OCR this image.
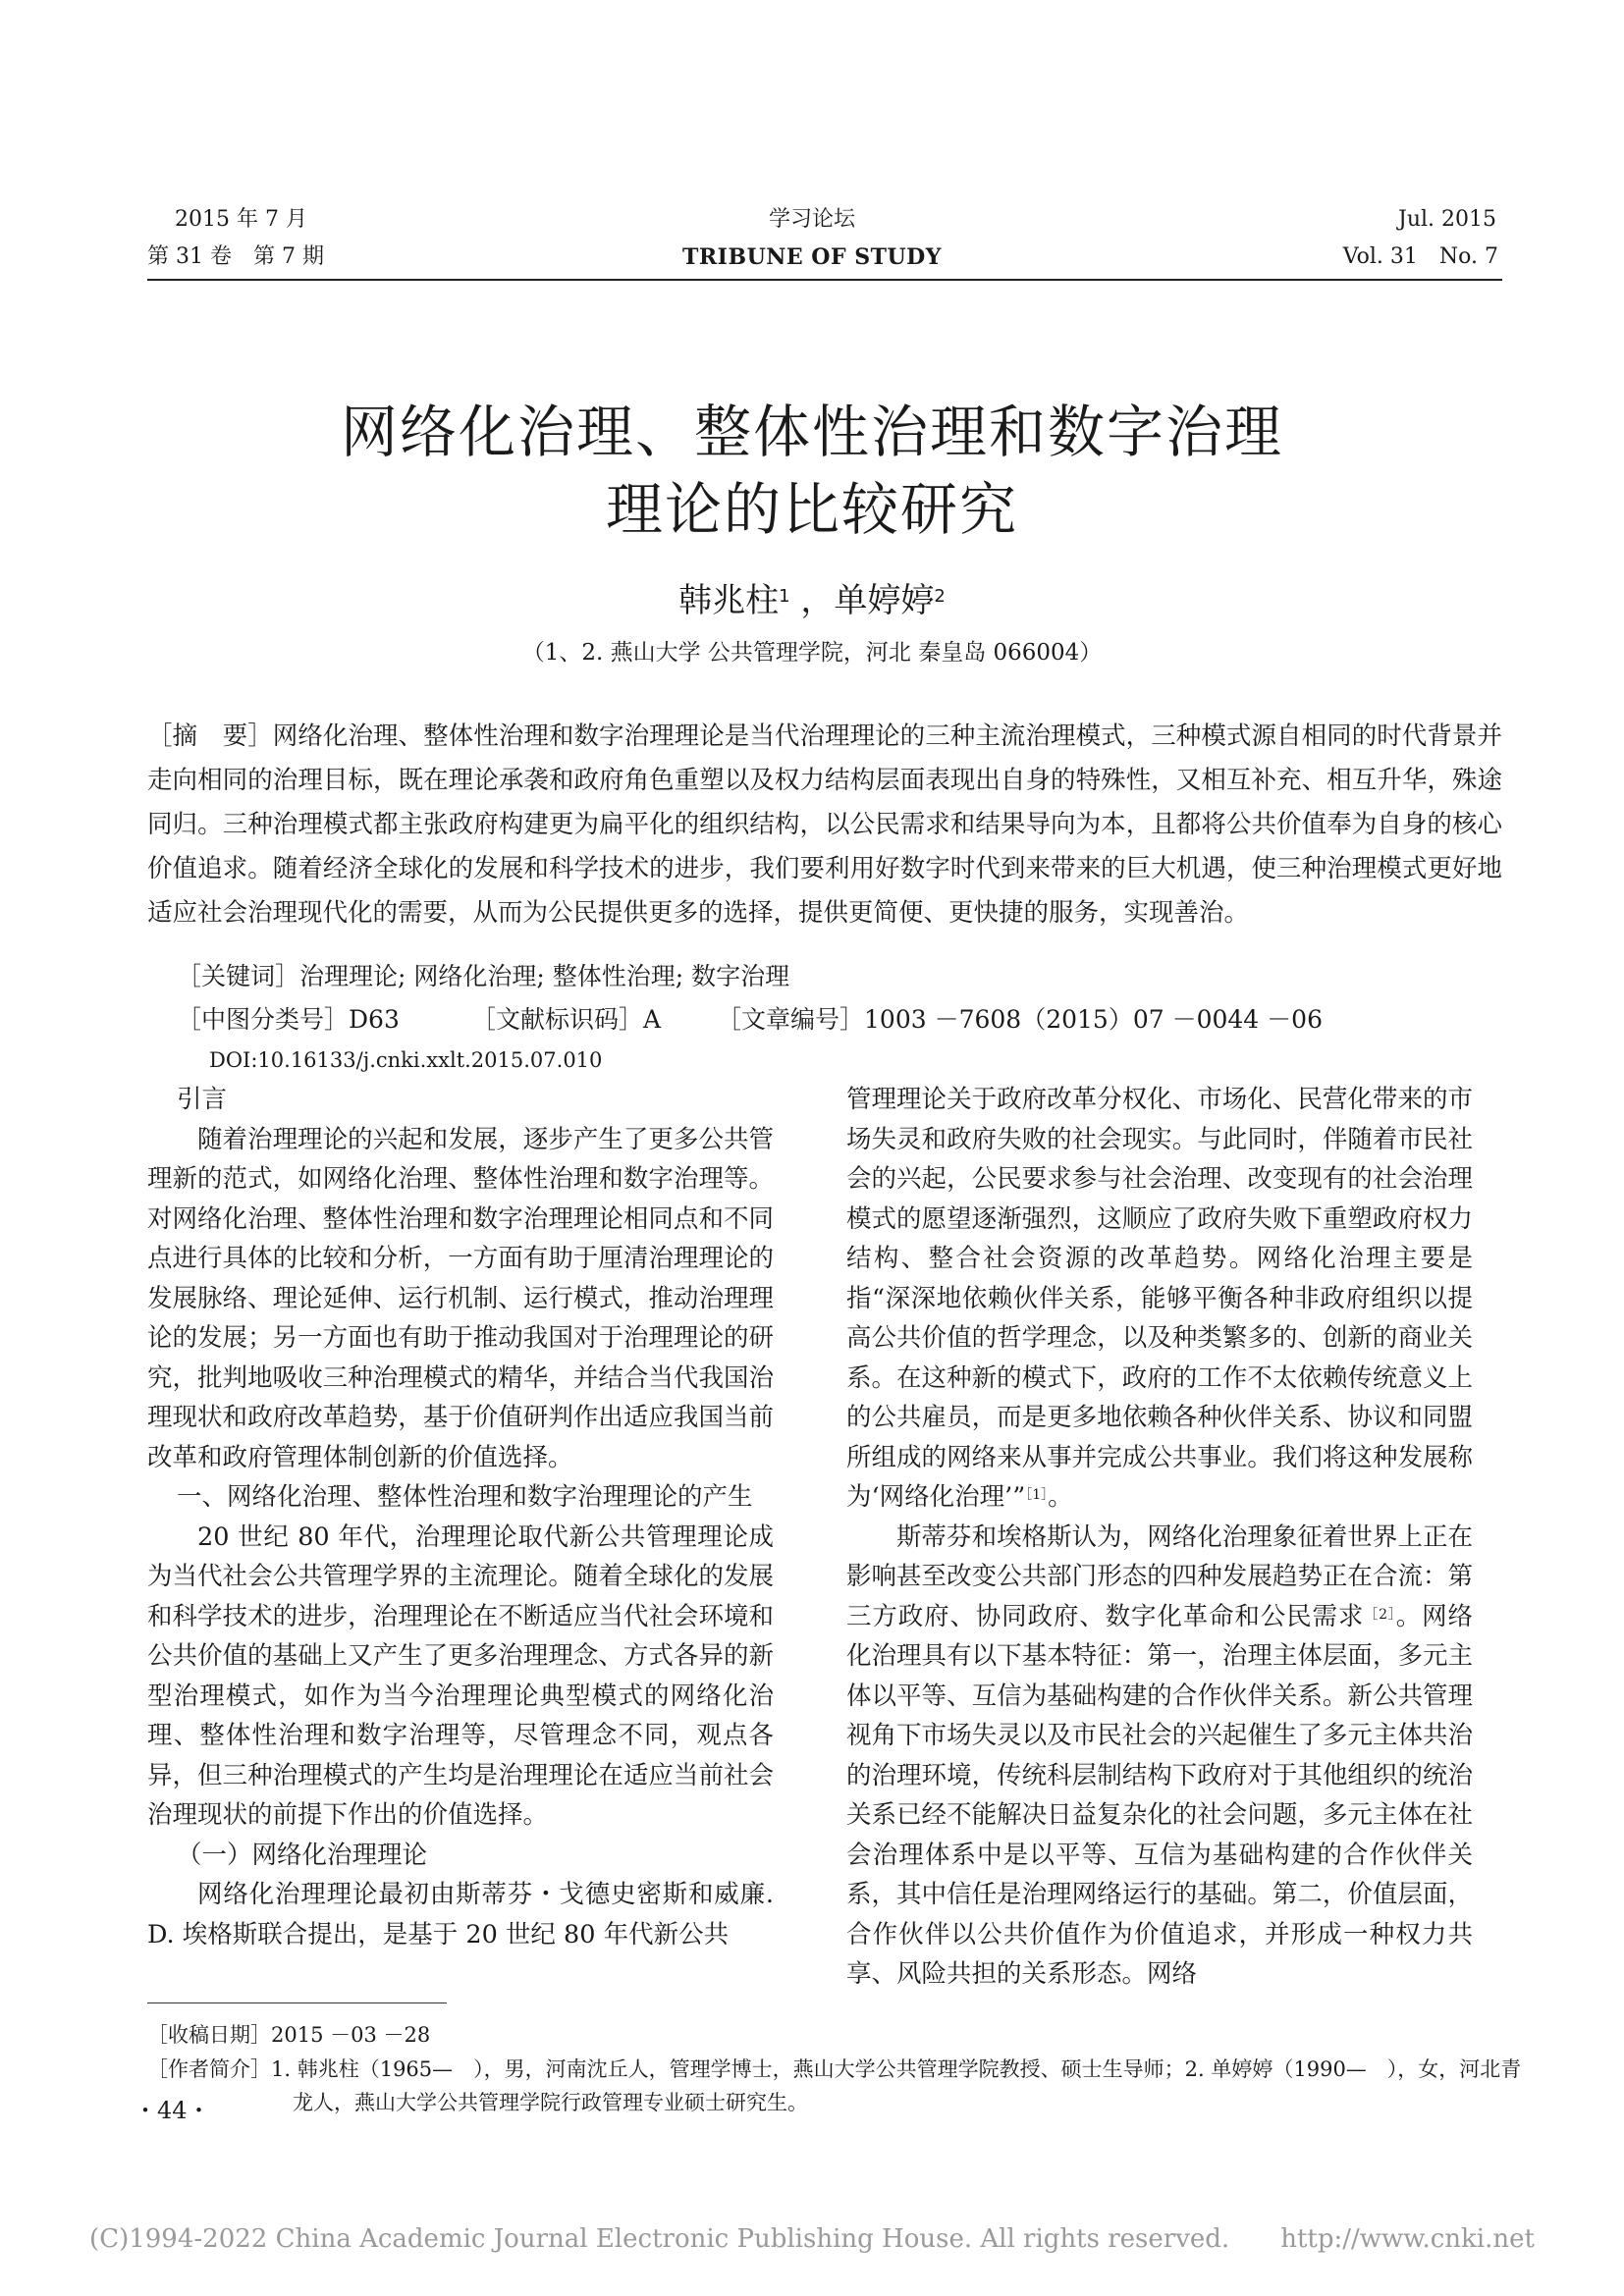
2015 年 7 月
第 31 卷　第 7 期
学习论坛
TRIBUNE OF STUDY
Jul. 2015
Vol. 31　No. 7
网络化治理、整体性治理和数字治理
理论的比较研究
韩兆柱$^1$ ，单婷婷$^2$
（1、2. 燕山大学 公共管理学院，河北 秦皇岛 066004）
［摘　要］网络化治理、整体性治理和数字治理理论是当代治理理论的三种主流治理模式，三种模式源自相同的时代背景并走向相同的治理目标，既在理论承袭和政府角色重塑以及权力结构层面表现出自身的特殊性，又相互补充、相互升华，殊途同归。三种治理模式都主张政府构建更为扁平化的组织结构，以公民需求和结果导向为本，且都将公共价值奉为自身的核心价值追求。随着经济全球化的发展和科学技术的进步，我们要利用好数字时代到来带来的巨大机遇，使三种治理模式更好地适应社会治理现代化的需要，从而为公民提供更多的选择，提供更简便、更快捷的服务，实现善治。
［关键词］治理理论; 网络化治理; 整体性治理; 数字治理
［中图分类号］D63	［文献标识码］A ［文章编号］1003 －7608（2015）07 －0044 －06
DOI:10.16133/j.cnki.xxlt.2015.07.010

引言

随着治理理论的兴起和发展，逐步产生了更多公共管理新的范式，如网络化治理、整体性治理和数字治理等。对网络化治理、整体性治理和数字治理理论相同点和不同点进行具体的比较和分析，一方面有助于厘清治理理论的发展脉络、理论延伸、运行机制、运行模式，推动治理理论的发展；另一方面也有助于推动我国对于治理理论的研究，批判地吸收三种治理模式的精华，并结合当代我国治理现状和政府改革趋势，基于价值研判作出适应我国当前改革和政府管理体制创新的价值选择。

一、网络化治理、整体性治理和数字治理理论的产生

20 世纪 80 年代，治理理论取代新公共管理理论成为当代社会公共管理学界的主流理论。随着全球化的发展和科学技术的进步，治理理论在不断适应当代社会环境和公共价值的基础上又产生了更多治理理念、方式各异的新型治理模式，如作为当今治理理论典型模式的网络化治理、整体性治理和数字治理等，尽管理念不同，观点各异，但三种治理模式的产生均是治理理论在适应当前社会治理现状的前提下作出的价值选择。

（一）网络化治理理论

网络化治理理论最初由斯蒂芬・戈德史密斯和威廉. D. 埃格斯联合提出，是基于 20 世纪 80 年代新公共

管理理论关于政府改革分权化、市场化、民营化带来的市场失灵和政府失败的社会现实。与此同时，伴随着市民社会的兴起，公民要求参与社会治理、改变现有的社会治理模式的愿望逐渐强烈，这顺应了政府失败下重塑政府权力结构、整合社会资源的改革趋势。网络化治理主要是指“深深地依赖伙伴关系，能够平衡各种非政府组织以提高公共价值的哲学理念，以及种类繁多的、创新的商业关系。在这种新的模式下，政府的工作不太依赖传统意义上的公共雇员，而是更多地依赖各种伙伴关系、协议和同盟所组成的网络来从事并完成公共事业。我们将这种发展称为‘网络化治理’”$^{[1]}$。

斯蒂芬和埃格斯认为，网络化治理象征着世界上正在影响甚至改变公共部门形态的四种发展趋势正在合流：第三方政府、协同政府、数字化革命和公民需求$^{[2]}$。网络化治理具有以下基本特征：第一，治理主体层面，多元主体以平等、互信为基础构建的合作伙伴关系。新公共管理视角下市场失灵以及市民社会的兴起催生了多元主体共治的治理环境，传统科层制结构下政府对于其他组织的统治关系已经不能解决日益复杂化的社会问题，多元主体在社会治理体系中是以平等、互信为基础构建的合作伙伴关系，其中信任是治理网络运行的基础。第二，价值层面，合作伙伴以公共价值作为价值追求，并形成一种权力共享、风险共担的关系形态。网络

［收稿日期］2015 －03 －28
［作者简介］1. 韩兆柱（1965—　），男，河南沈丘人，管理学博士，燕山大学公共管理学院教授、硕士生导师；2. 单婷婷（1990—　），女，河北青
龙人，燕山大学公共管理学院行政管理专业硕士研究生。
・44・
(C)1994-2022 China Academic Journal Electronic Publishing House. All rights reserved.　　http://www.cnki.net
